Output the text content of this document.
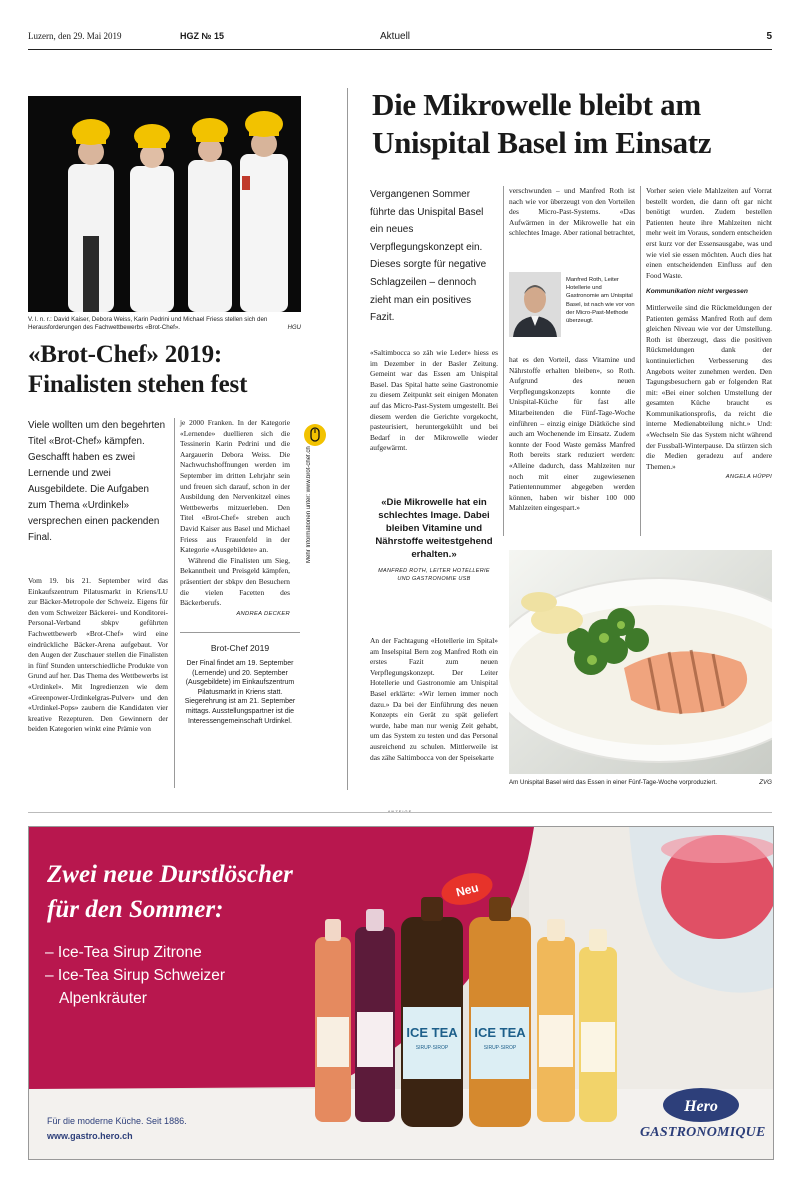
Luzern, den 29. Mai 2019	HGZ № 15	Aktuell	5
V. l. n. r.: David Kaiser, Debora Weiss, Karin Pedrini und Michael Friess stellen sich den Herausforderungen des Fachwettbewerbs «Brot-Chef».	HGU
«Brot-Chef» 2019: Finalisten stehen fest

Viele wollten um den begehrten Titel «Brot-Chef» kämpfen. Geschafft haben es zwei Lernende und zwei Ausgebildete. Die Aufgaben zum Thema «Urdinkel» versprechen einen packenden Final.

Vom 19. bis 21. September wird das Einkaufszentrum Pilatusmarkt in Kriens/LU zur Bäcker-Metropole der Schweiz. Eigens für den vom Schweizer Bäckerei- und Konditorei-Personal-Verband sbkpv geführten Fachwettbewerb «Brot-Chef» wird eine eindrückliche Bäcker-Arena aufgebaut. Vor den Augen der Zuschauer stellen die Finalisten in fünf Stunden unterschiedliche Produkte von Grund auf her. Das Thema des Wettbewerbs ist «Urdinkel». Mit Ingredienzen wie dem «Greenpower-Urdinkelgras-Pulver» und den «Urdinkel-Pops» zaubern die Kandidaten vier kreative Rezepturen. Den Gewinnern der beiden Kategorien winkt eine Prämie von

je 2000 Franken. In der Kategorie «Lernende» duellieren sich die Tessinerin Karin Pedrini und die Aargauerin Debora Weiss. Die Nachwuchshoffnungen werden im September im dritten Lehrjahr sein und freuen sich darauf, schon in der Ausbildung den Nervenkitzel eines Wettbewerbs mitzuerleben. Den Titel «Brot-Chef» streben auch David Kaiser aus Basel und Michael Friess aus Frauenfeld in der Kategorie «Ausgebildete» an.

Während die Finalisten um Sieg, Bekanntheit und Preisgeld kämpfen, präsentiert der sbkpv den Besuchern die vielen Facetten des Bäckerberufs.

ANDREA DECKER
Mehr Informationen unter: www.brot-chef.ch
Brot-Chef 2019
Der Final findet am 19. September (Lernende) und 20. September (Ausgebildete) im Einkaufszentrum Pilatusmarkt in Kriens statt. Siegerehrung ist am 21. September mittags. Ausstellungspartner ist die Interessengemeinschaft Urdinkel.
Die Mikrowelle bleibt am Unispital Basel im Einsatz

Vergangenen Sommer führte das Unispital Basel ein neues Verpflegungskonzept ein. Dieses sorgte für negative Schlagzeilen – dennoch zieht man ein positives Fazit.

«Saltimbocca so zäh wie Leder» hiess es im Dezember in der Basler Zeitung. Gemeint war das Essen am Unispital Basel. Das Spital hatte seine Gastronomie zu diesem Zeitpunkt seit einigen Monaten auf das Micro-Past-System umgestellt. Bei diesem werden die Gerichte vorgekocht, pasteurisiert, heruntergekühlt und bei Bedarf in der Mikrowelle wieder aufgewärmt.

«Die Mikrowelle hat ein schlechtes Image. Dabei bleiben Vitamine und Nährstoffe weitestgehend erhalten.»
MANFRED ROTH, LEITER HOTELLERIE UND GASTRONOMIE USB

An der Fachtagung «Hotellerie im Spital» am Inselspital Bern zog Manfred Roth ein erstes Fazit zum neuen Verpflegungskonzept. Der Leiter Hotellerie und Gastronomie am Unispital Basel erklärte: «Wir lernen immer noch dazu.» Da bei der Einführung des neuen Konzepts ein Gerät zu spät geliefert wurde, habe man nur wenig Zeit gehabt, um das System zu testen und das Personal ausreichend zu schulen. Mittlerweile ist das zähe Saltimbocca von der Speisekarte

verschwunden – und Manfred Roth ist nach wie vor überzeugt von den Vorteilen des Micro-Past-Systems. «Das Aufwärmen in der Mikrowelle hat ein schlechtes Image. Aber rational betrachtet,

Manfred Roth, Leiter Hotellerie und Gastronomie am Unispital Basel, ist nach wie vor von der Micro-Past-Methode überzeugt.

hat es den Vorteil, dass Vitamine und Nährstoffe erhalten bleiben», so Roth. Aufgrund des neuen Verpflegungskonzepts konnte die Unispital-Küche für fast alle Mitarbeitenden die Fünf-Tage-Woche einführen – einzig einige Diätköche sind auch am Wochenende im Einsatz. Zudem konnte der Food Waste gemäss Manfred Roth bereits stark reduziert werden: «Alleine dadurch, dass Mahlzeiten nur noch mit einer zugewiesenen Patientennummer abgegeben werden können, haben wir bisher 100 000 Mahlzeiten eingespart.»

Vorher seien viele Mahlzeiten auf Vorrat bestellt worden, die dann oft gar nicht benötigt wurden. Zudem bestellen Patienten heute ihre Mahlzeiten nicht mehr weit im Voraus, sondern entscheiden erst kurz vor der Essensausgabe, was und wie viel sie essen möchten. Auch dies hat einen entscheidenden Einfluss auf den Food Waste.

Kommunikation nicht vergessen

Mittlerweile sind die Rückmeldungen der Patienten gemäss Manfred Roth auf dem gleichen Niveau wie vor der Umstellung. Roth ist überzeugt, dass die positiven Rückmeldungen dank der kontinuierlichen Verbesserung des Angebots weiter zunehmen werden. Den Tagungsbesuchern gab er folgenden Rat mit: «Bei einer solchen Umstellung der gesamten Küche braucht es Kommunikationsprofis, da reicht die interne Medienabteilung nicht.» Und: «Wechseln Sie das System nicht während der Fussball-Winterpause. Da stürzen sich die Medien geradezu auf andere Themen.»

ANGELA HÜPPI
Am Unispital Basel wird das Essen in einer Fünf-Tage-Woche vorproduziert.	ZVG
ANZEIGE
ICE TEA ICE TEA
SIRUP·SIROP	SIRUP·SIROP
Neu
Hero
Zwei neue Durstlöscher
für den Sommer:
– Ice-Tea Sirup Zitrone
– Ice-Tea Sirup Schweizer
Alpenkräuter
Für die moderne Küche. Seit 1886.
www.gastro.hero.ch	GASTRONOMIQUE
